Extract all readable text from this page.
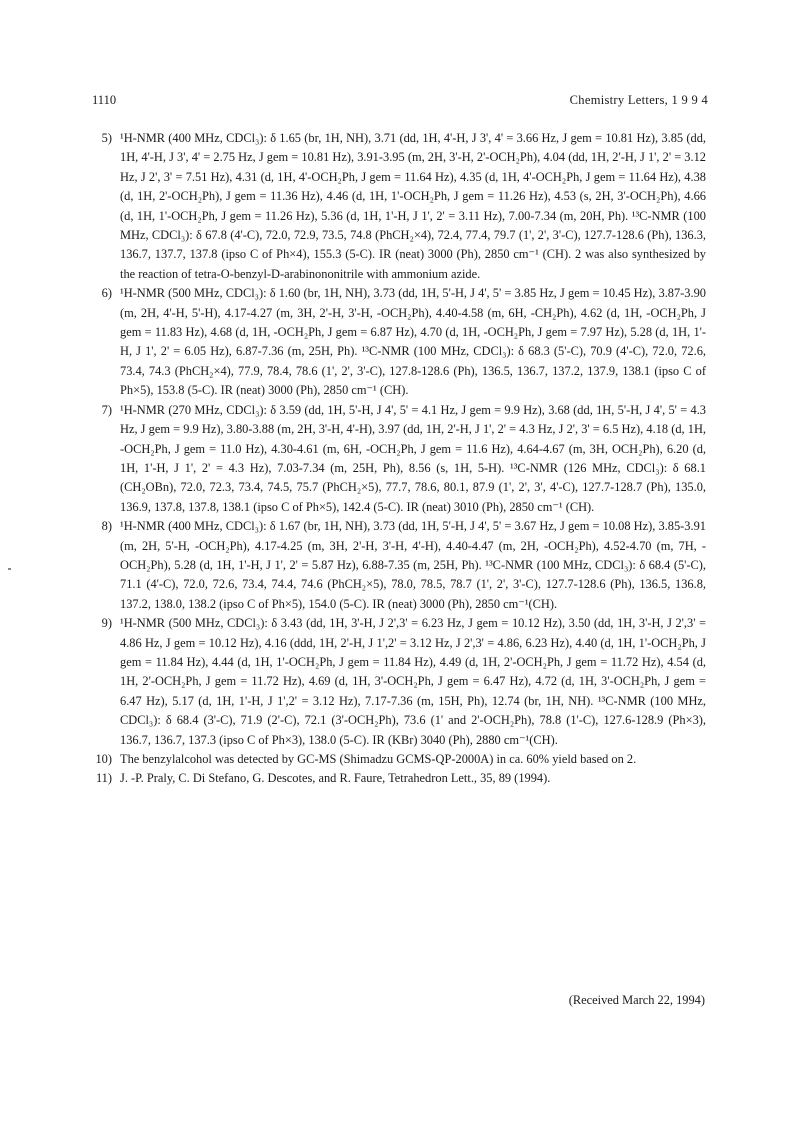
1110	Chemistry Letters, 1 9 9 4
5) ¹H-NMR (400 MHz, CDCl₃): δ 1.65 (br, 1H, NH), 3.71 (dd, 1H, 4'-H, J 3', 4' = 3.66 Hz, J gem = 10.81 Hz), 3.85 (dd, 1H, 4'-H, J 3', 4' = 2.75 Hz, J gem = 10.81 Hz), 3.91-3.95 (m, 2H, 3'-H, 2'-OCH₂Ph), 4.04 (dd, 1H, 2'-H, J 1', 2' = 3.12 Hz, J 2', 3' = 7.51 Hz), 4.31 (d, 1H, 4'-OCH₂Ph, J gem = 11.64 Hz), 4.35 (d, 1H, 4'-OCH₂Ph, J gem = 11.64 Hz), 4.38 (d, 1H, 2'-OCH₂Ph), J gem = 11.36 Hz), 4.46 (d, 1H, 1'-OCH₂Ph, J gem = 11.26 Hz), 4.53 (s, 2H, 3'-OCH₂Ph), 4.66 (d, 1H, 1'-OCH₂Ph, J gem = 11.26 Hz), 5.36 (d, 1H, 1'-H, J 1', 2' = 3.11 Hz), 7.00-7.34 (m, 20H, Ph). ¹³C-NMR (100 MHz, CDCl₃): δ 67.8 (4'-C), 72.0, 72.9, 73.5, 74.8 (PhCH₂×4), 72.4, 77.4, 79.7 (1', 2', 3'-C), 127.7-128.6 (Ph), 136.3, 136.7, 137.7, 137.8 (ipso C of Ph×4), 155.3 (5-C). IR (neat) 3000 (Ph), 2850 cm⁻¹ (CH). 2 was also synthesized by the reaction of tetra-O-benzyl-D-arabinononitrile with ammonium azide.
6) ¹H-NMR (500 MHz, CDCl₃): δ 1.60 (br, 1H, NH), 3.73 (dd, 1H, 5'-H, J 4', 5' = 3.85 Hz, J gem = 10.45 Hz), 3.87-3.90 (m, 2H, 4'-H, 5'-H), 4.17-4.27 (m, 3H, 2'-H, 3'-H, -OCH₂Ph), 4.40-4.58 (m, 6H, -CH₂Ph), 4.62 (d, 1H, -OCH₂Ph, J gem = 11.83 Hz), 4.68 (d, 1H, -OCH₂Ph, J gem = 6.87 Hz), 4.70 (d, 1H, -OCH₂Ph, J gem = 7.97 Hz), 5.28 (d, 1H, 1'-H, J 1', 2' = 6.05 Hz), 6.87-7.36 (m, 25H, Ph). ¹³C-NMR (100 MHz, CDCl₃): δ 68.3 (5'-C), 70.9 (4'-C), 72.0, 72.6, 73.4, 74.3 (PhCH₂×4), 77.9, 78.4, 78.6 (1', 2', 3'-C), 127.8-128.6 (Ph), 136.5, 136.7, 137.2, 137.9, 138.1 (ipso C of Ph×5), 153.8 (5-C). IR (neat) 3000 (Ph), 2850 cm⁻¹ (CH).
7) ¹H-NMR (270 MHz, CDCl₃): δ 3.59 (dd, 1H, 5'-H, J 4', 5' = 4.1 Hz, J gem = 9.9 Hz), 3.68 (dd, 1H, 5'-H, J 4', 5' = 4.3 Hz, J gem = 9.9 Hz), 3.80-3.88 (m, 2H, 3'-H, 4'-H), 3.97 (dd, 1H, 2'-H, J 1', 2' = 4.3 Hz, J 2', 3' = 6.5 Hz), 4.18 (d, 1H, -OCH₂Ph, J gem = 11.0 Hz), 4.30-4.61 (m, 6H, -OCH₂Ph, J gem = 11.6 Hz), 4.64-4.67 (m, 3H, OCH₂Ph), 6.20 (d, 1H, 1'-H, J 1', 2' = 4.3 Hz), 7.03-7.34 (m, 25H, Ph), 8.56 (s, 1H, 5-H). ¹³C-NMR (126 MHz, CDCl₃): δ 68.1 (CH₂OBn), 72.0, 72.3, 73.4, 74.5, 75.7 (PhCH₂×5), 77.7, 78.6, 80.1, 87.9 (1', 2', 3', 4'-C), 127.7-128.7 (Ph), 135.0, 136.9, 137.8, 137.8, 138.1 (ipso C of Ph×5), 142.4 (5-C). IR (neat) 3010 (Ph), 2850 cm⁻¹ (CH).
8) ¹H-NMR (400 MHz, CDCl₃): δ 1.67 (br, 1H, NH), 3.73 (dd, 1H, 5'-H, J 4', 5' = 3.67 Hz, J gem = 10.08 Hz), 3.85-3.91 (m, 2H, 5'-H, -OCH₂Ph), 4.17-4.25 (m, 3H, 2'-H, 3'-H, 4'-H), 4.40-4.47 (m, 2H, -OCH₂Ph), 4.52-4.70 (m, 7H, -OCH₂Ph), 5.28 (d, 1H, 1'-H, J 1', 2' = 5.87 Hz), 6.88-7.35 (m, 25H, Ph). ¹³C-NMR (100 MHz, CDCl₃): δ 68.4 (5'-C), 71.1 (4'-C), 72.0, 72.6, 73.4, 74.4, 74.6 (PhCH₂×5), 78.0, 78.5, 78.7 (1', 2', 3'-C), 127.7-128.6 (Ph), 136.5, 136.8, 137.2, 138.0, 138.2 (ipso C of Ph×5), 154.0 (5-C). IR (neat) 3000 (Ph), 2850 cm⁻¹(CH).
9) ¹H-NMR (500 MHz, CDCl₃): δ 3.43 (dd, 1H, 3'-H, J 2',3' = 6.23 Hz, J gem = 10.12 Hz), 3.50 (dd, 1H, 3'-H, J 2',3' = 4.86 Hz, J gem = 10.12 Hz), 4.16 (ddd, 1H, 2'-H, J 1',2' = 3.12 Hz, J 2',3' = 4.86, 6.23 Hz), 4.40 (d, 1H, 1'-OCH₂Ph, J gem = 11.84 Hz), 4.44 (d, 1H, 1'-OCH₂Ph, J gem = 11.84 Hz), 4.49 (d, 1H, 2'-OCH₂Ph, J gem = 11.72 Hz), 4.54 (d, 1H, 2'-OCH₂Ph, J gem = 11.72 Hz), 4.69 (d, 1H, 3'-OCH₂Ph, J gem = 6.47 Hz), 4.72 (d, 1H, 3'-OCH₂Ph, J gem = 6.47 Hz), 5.17 (d, 1H, 1'-H, J 1',2' = 3.12 Hz), 7.17-7.36 (m, 15H, Ph), 12.74 (br, 1H, NH). ¹³C-NMR (100 MHz, CDCl₃): δ 68.4 (3'-C), 71.9 (2'-C), 72.1 (3'-OCH₂Ph), 73.6 (1' and 2'-OCH₂Ph), 78.8 (1'-C), 127.6-128.9 (Ph×3), 136.7, 136.7, 137.3 (ipso C of Ph×3), 138.0 (5-C). IR (KBr) 3040 (Ph), 2880 cm⁻¹(CH).
10) The benzylalcohol was detected by GC-MS (Shimadzu GCMS-QP-2000A) in ca. 60% yield based on 2.
11) J. -P. Praly, C. Di Stefano, G. Descotes, and R. Faure, Tetrahedron Lett., 35, 89 (1994).
(Received March 22, 1994)
